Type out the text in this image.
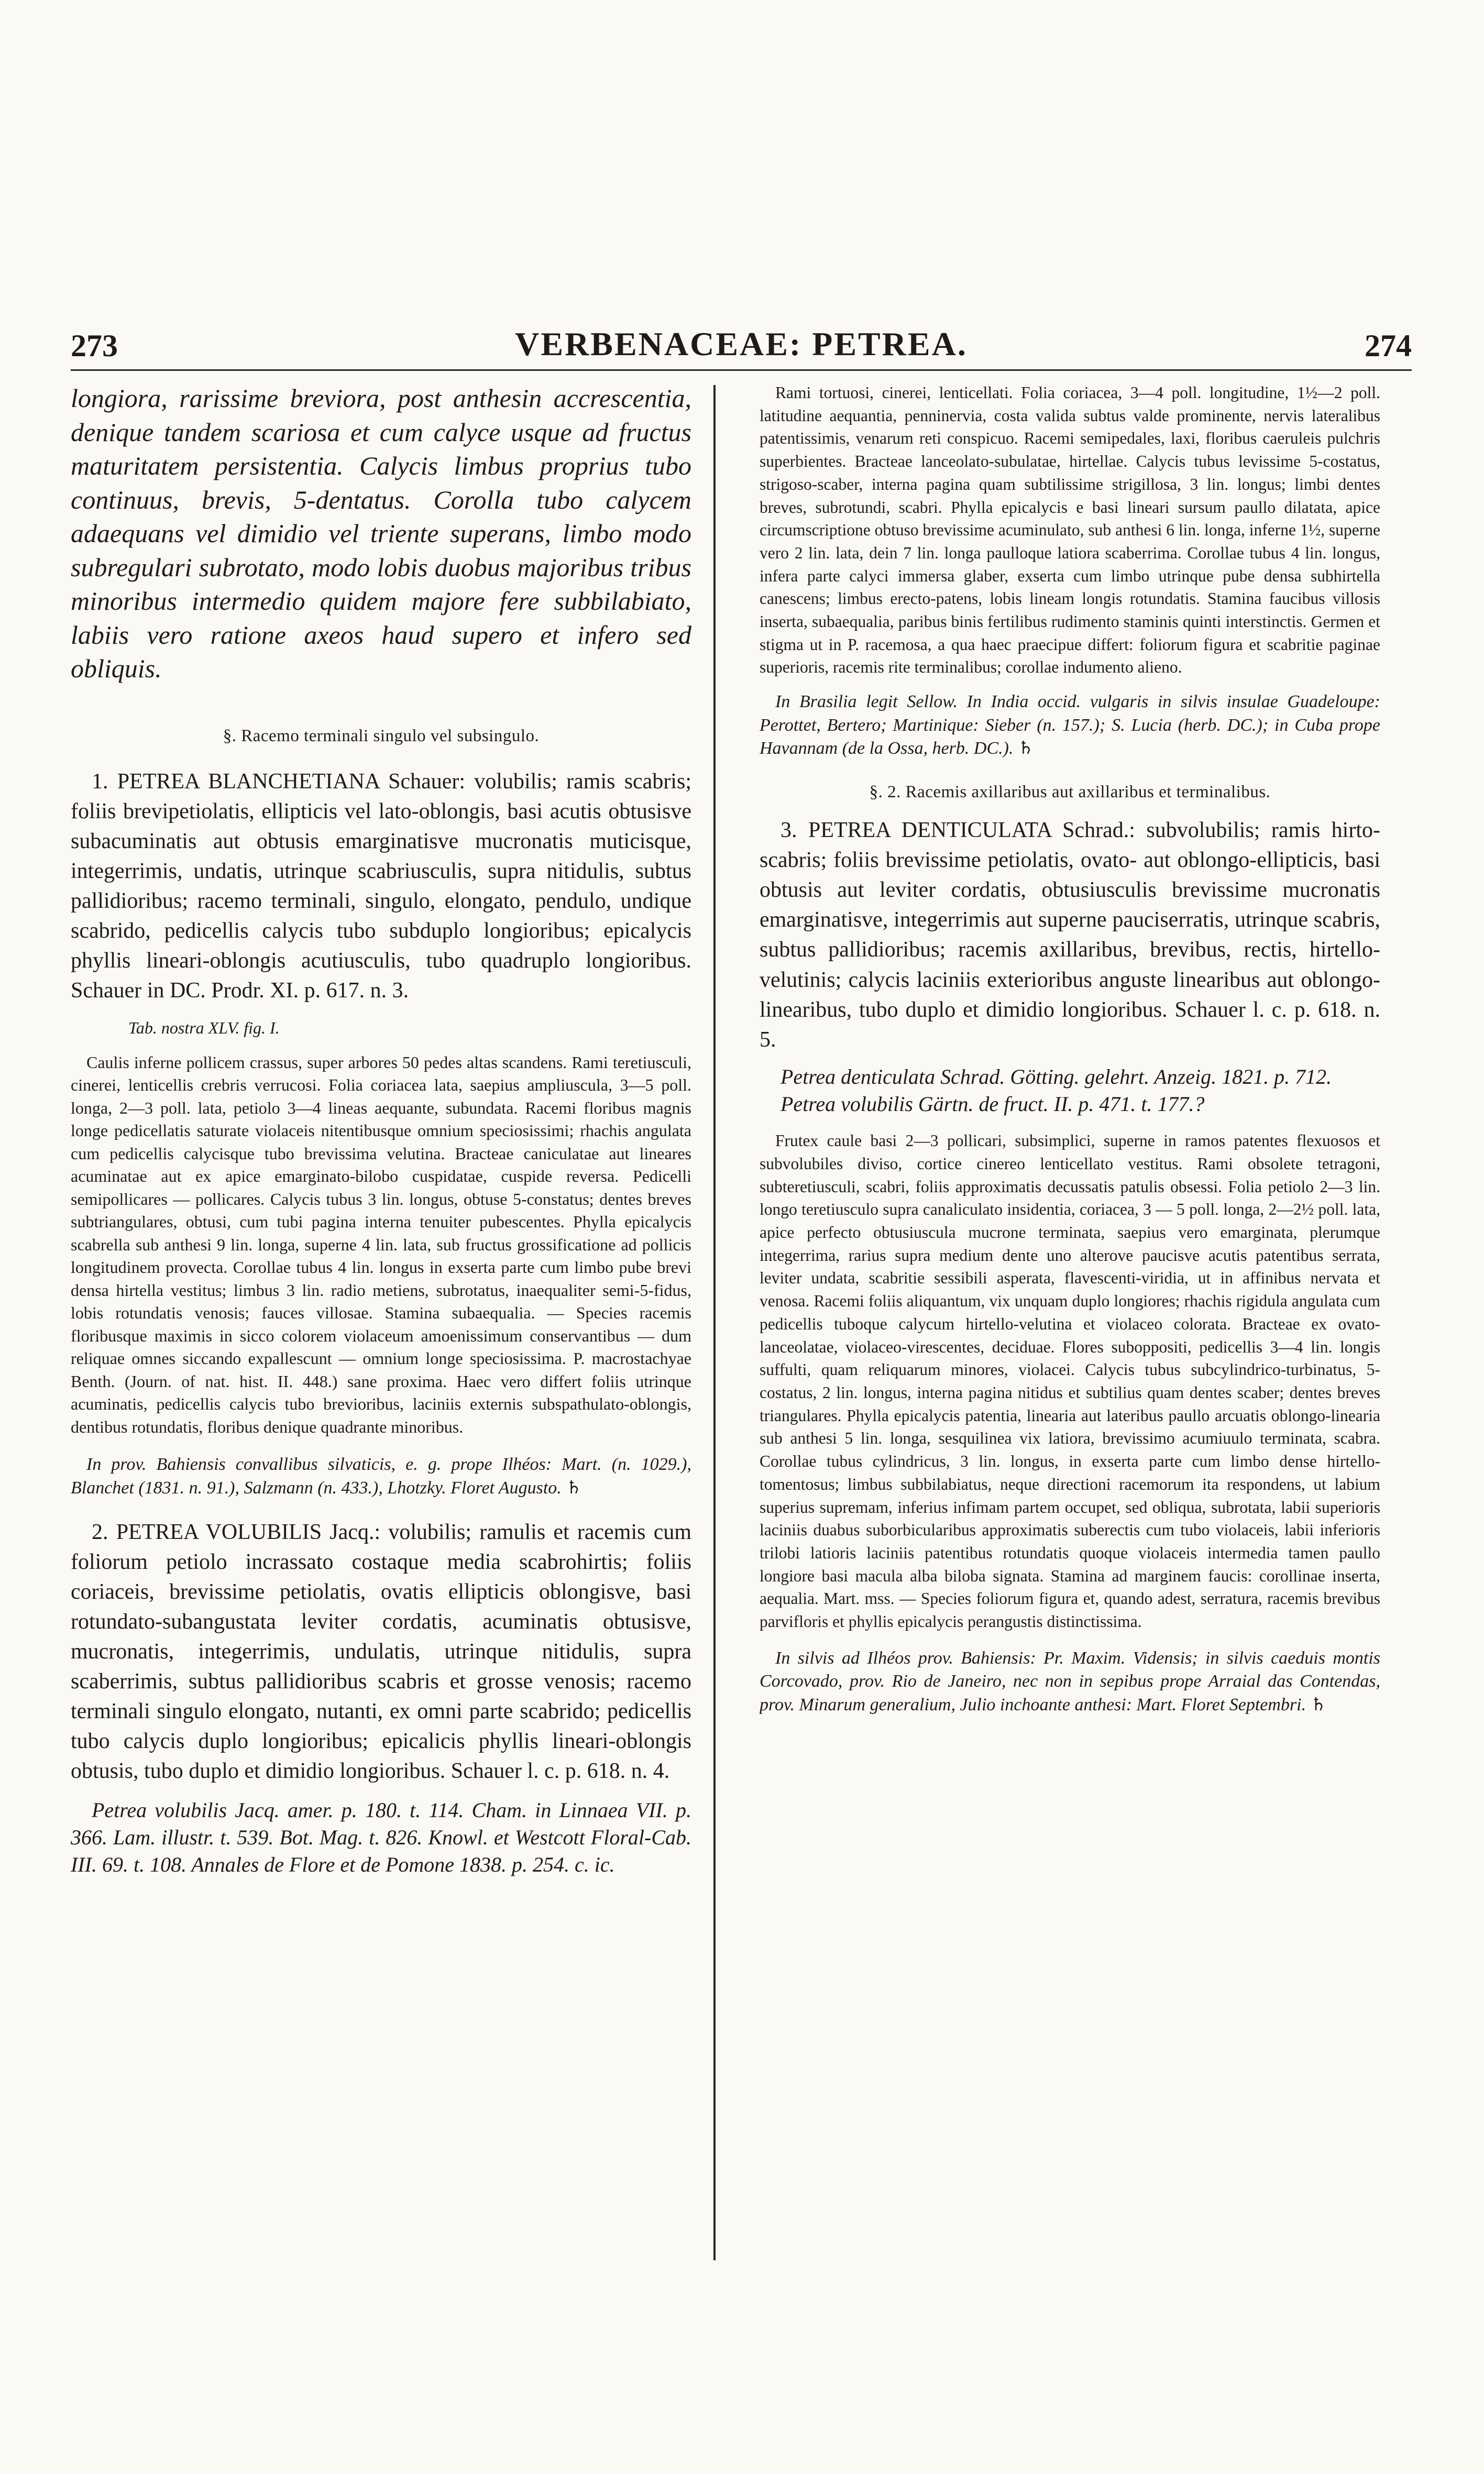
273	VERBENACEAE: PETREA.	274

longiora, rarissime breviora, post anthesin accrescentia, denique tandem scariosa et cum calyce usque ad fructus maturitatem persistentia. Calycis limbus proprius tubo continuus, brevis, 5-dentatus. Corolla tubo calycem adaequans vel dimidio vel triente superans, limbo modo subregulari subrotato, modo lobis duobus majoribus tribus minoribus intermedio quidem majore fere subbilabiato, labiis vero ratione axeos haud supero et infero sed obliquis.

§. Racemo terminali singulo vel subsingulo.

1. PETREA BLANCHETIANA Schauer: volubilis; ramis scabris; foliis brevipetiolatis, ellipticis vel lato-oblongis, basi acutis obtusisve subacuminatis aut obtusis emarginatisve mucronatis muticisque, integerrimis, undatis, utrinque scabriusculis, supra nitidulis, subtus pallidioribus; racemo terminali, singulo, elongato, pendulo, undique scabrido, pedicellis calycis tubo subduplo longioribus; epicalycis phyllis lineari-oblongis acutiusculis, tubo quadruplo longioribus. Schauer in DC. Prodr. XI. p. 617. n. 3.

Tab. nostra XLV. fig. I.

Caulis inferne pollicem crassus, super arbores 50 pedes altas scandens. Rami teretiusculi, cinerei, lenticellis crebris verrucosi. Folia coriacea lata, saepius ampliuscula, 3—5 poll. longa, 2—3 poll. lata, petiolo 3—4 lineas aequante, subundata. Racemi floribus magnis longe pedicellatis saturate violaceis nitentibusque omnium speciosissimi; rhachis angulata cum pedicellis calycisque tubo brevissima velutina. Bracteae caniculatae aut lineares acuminatae aut ex apice emarginato-bilobo cuspidatae, cuspide reversa. Pedicelli semipollicares — pollicares. Calycis tubus 3 lin. longus, obtuse 5-constatus; dentes breves subtriangulares, obtusi, cum tubi pagina interna tenuiter pubescentes. Phylla epicalycis scabrella sub anthesi 9 lin. longa, superne 4 lin. lata, sub fructus grossificatione ad pollicis longitudinem provecta. Corollae tubus 4 lin. longus in exserta parte cum limbo pube brevi densa hirtella vestitus; limbus 3 lin. radio metiens, subrotatus, inaequaliter semi-5-fidus, lobis rotundatis venosis; fauces villosae. Stamina subaequalia. — Species racemis floribusque maximis in sicco colorem violaceum amoenissimum conservantibus — dum reliquae omnes siccando expallescunt — omnium longe speciosissima. P. macrostachyae Benth. (Journ. of nat. hist. II. 448.) sane proxima. Haec vero differt foliis utrinque acuminatis, pedicellis calycis tubo brevioribus, laciniis externis subspathulato-oblongis, dentibus rotundatis, floribus denique quadrante minoribus.

In prov. Bahiensis convallibus silvaticis, e. g. prope Ilhéos: Mart. (n. 1029.), Blanchet (1831. n. 91.), Salzmann (n. 433.), Lhotzky. Floret Augusto. ♄

2. PETREA VOLUBILIS Jacq.: volubilis; ramulis et racemis cum foliorum petiolo incrassato costaque media scabrohirtis; foliis coriaceis, brevissime petiolatis, ovatis ellipticis oblongisve, basi rotundato-subangustata leviter cordatis, acuminatis obtusisve, mucronatis, integerrimis, undulatis, utrinque nitidulis, supra scaberrimis, subtus pallidioribus scabris et grosse venosis; racemo terminali singulo elongato, nutanti, ex omni parte scabrido; pedicellis tubo calycis duplo longioribus; epicalicis phyllis lineari-oblongis obtusis, tubo duplo et dimidio longioribus. Schauer l. c. p. 618. n. 4.

Petrea volubilis Jacq. amer. p. 180. t. 114. Cham. in Linnaea VII. p. 366. Lam. illustr. t. 539. Bot. Mag. t. 826. Knowl. et Westcott Floral-Cab. III. 69. t. 108. Annales de Flore et de Pomone 1838. p. 254. c. ic.

Rami tortuosi, cinerei, lenticellati. Folia coriacea, 3—4 poll. longitudine, 1½—2 poll. latitudine aequantia, penninervia, costa valida subtus valde prominente, nervis lateralibus patentissimis, venarum reti conspicuo. Racemi semipedales, laxi, floribus caeruleis pulchris superbientes. Bracteae lanceolato-subulatae, hirtellae. Calycis tubus levissime 5-costatus, strigoso-scaber, interna pagina quam subtilissime strigillosa, 3 lin. longus; limbi dentes breves, subrotundi, scabri. Phylla epicalycis e basi lineari sursum paullo dilatata, apice circumscriptione obtuso brevissime acuminulato, sub anthesi 6 lin. longa, inferne 1½, superne vero 2 lin. lata, dein 7 lin. longa paulloque latiora scaberrima. Corollae tubus 4 lin. longus, infera parte calyci immersa glaber, exserta cum limbo utrinque pube densa subhirtella canescens; limbus erecto-patens, lobis lineam longis rotundatis. Stamina faucibus villosis inserta, subaequalia, paribus binis fertilibus rudimento staminis quinti interstinctis. Germen et stigma ut in P. racemosa, a qua haec praecipue differt: foliorum figura et scabritie paginae superioris, racemis rite terminalibus; corollae indumento alieno.

In Brasilia legit Sellow. In India occid. vulgaris in silvis insulae Guadeloupe: Perottet, Bertero; Martinique: Sieber (n. 157.); S. Lucia (herb. DC.); in Cuba prope Havannam (de la Ossa, herb. DC.). ♄

§. 2. Racemis axillaribus aut axillaribus et terminalibus.

3. PETREA DENTICULATA Schrad.: subvolubilis; ramis hirto-scabris; foliis brevissime petiolatis, ovato- aut oblongo-ellipticis, basi obtusis aut leviter cordatis, obtusiusculis brevissime mucronatis emarginatisve, integerrimis aut superne pauciserratis, utrinque scabris, subtus pallidioribus; racemis axillaribus, brevibus, rectis, hirtello-velutinis; calycis laciniis exterioribus anguste linearibus aut oblongo-linearibus, tubo duplo et dimidio longioribus. Schauer l. c. p. 618. n. 5.

Petrea denticulata Schrad. Götting. gelehrt. Anzeig. 1821. p. 712.

Petrea volubilis Gärtn. de fruct. II. p. 471. t. 177.?

Frutex caule basi 2—3 pollicari, subsimplici, superne in ramos patentes flexuosos et subvolubiles diviso, cortice cinereo lenticellato vestitus. Rami obsolete tetragoni, subteretiusculi, scabri, foliis approximatis decussatis patulis obsessi. Folia petiolo 2—3 lin. longo teretiusculo supra canaliculato insidentia, coriacea, 3 — 5 poll. longa, 2—2½ poll. lata, apice perfecto obtusiuscula mucrone terminata, saepius vero emarginata, plerumque integerrima, rarius supra medium dente uno alterove paucisve acutis patentibus serrata, leviter undata, scabritie sessibili asperata, flavescenti-viridia, ut in affinibus nervata et venosa. Racemi foliis aliquantum, vix unquam duplo longiores; rhachis rigidula angulata cum pedicellis tuboque calycum hirtello-velutina et violaceo colorata. Bracteae ex ovato-lanceolatae, violaceo-virescentes, deciduae. Flores suboppositi, pedicellis 3—4 lin. longis suffulti, quam reliquarum minores, violacei. Calycis tubus subcylindrico-turbinatus, 5-costatus, 2 lin. longus, interna pagina nitidus et subtilius quam dentes scaber; dentes breves triangulares. Phylla epicalycis patentia, linearia aut lateribus paullo arcuatis oblongo-linearia sub anthesi 5 lin. longa, sesquilinea vix latiora, brevissimo acumiuulo terminata, scabra. Corollae tubus cylindricus, 3 lin. longus, in exserta parte cum limbo dense hirtello-tomentosus; limbus subbilabiatus, neque directioni racemorum ita respondens, ut labium superius supremam, inferius infimam partem occupet, sed obliqua, subrotata, labii superioris laciniis duabus suborbicularibus approximatis suberectis cum tubo violaceis, labii inferioris trilobi latioris laciniis patentibus rotundatis quoque violaceis intermedia tamen paullo longiore basi macula alba biloba signata. Stamina ad marginem faucis: corollinae inserta, aequalia. Mart. mss. — Species foliorum figura et, quando adest, serratura, racemis brevibus parvifloris et phyllis epicalycis perangustis distinctissima.

In silvis ad Ilhéos prov. Bahiensis: Pr. Maxim. Vidensis; in silvis caeduis montis Corcovado, prov. Rio de Janeiro, nec non in sepibus prope Arraial das Contendas, prov. Minarum generalium, Julio inchoante anthesi: Mart. Floret Septembri. ♄
